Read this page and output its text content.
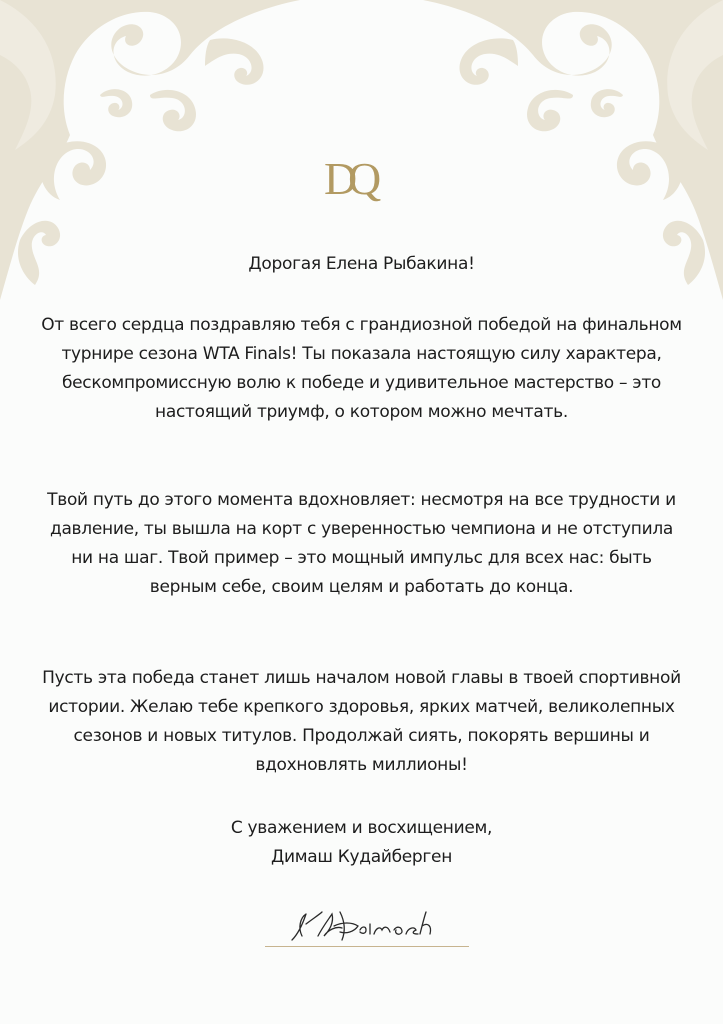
D
Q
Дорогая Елена Рыбакина!

От всего сердца поздравляю тебя с грандиозной победой на финальном турнире сезона WTA Finals! Ты показала настоящую силу характера, бескомпромиссную волю к победе и удивительное мастерство – это настоящий триумф, о котором можно мечтать.

Твой путь до этого момента вдохновляет: несмотря на все трудности и давление, ты вышла на корт с уверенностью чемпиона и не отступила ни на шаг. Твой пример – это мощный импульс для всех нас: быть верным себе, своим целям и работать до конца.

Пусть эта победа станет лишь началом новой главы в твоей спортивной истории. Желаю тебе крепкого здоровья, ярких матчей, великолепных сезонов и новых титулов. Продолжай сиять, покорять вершины и вдохновлять миллионы!

С уважением и восхищением,

Димаш Кудайберген
